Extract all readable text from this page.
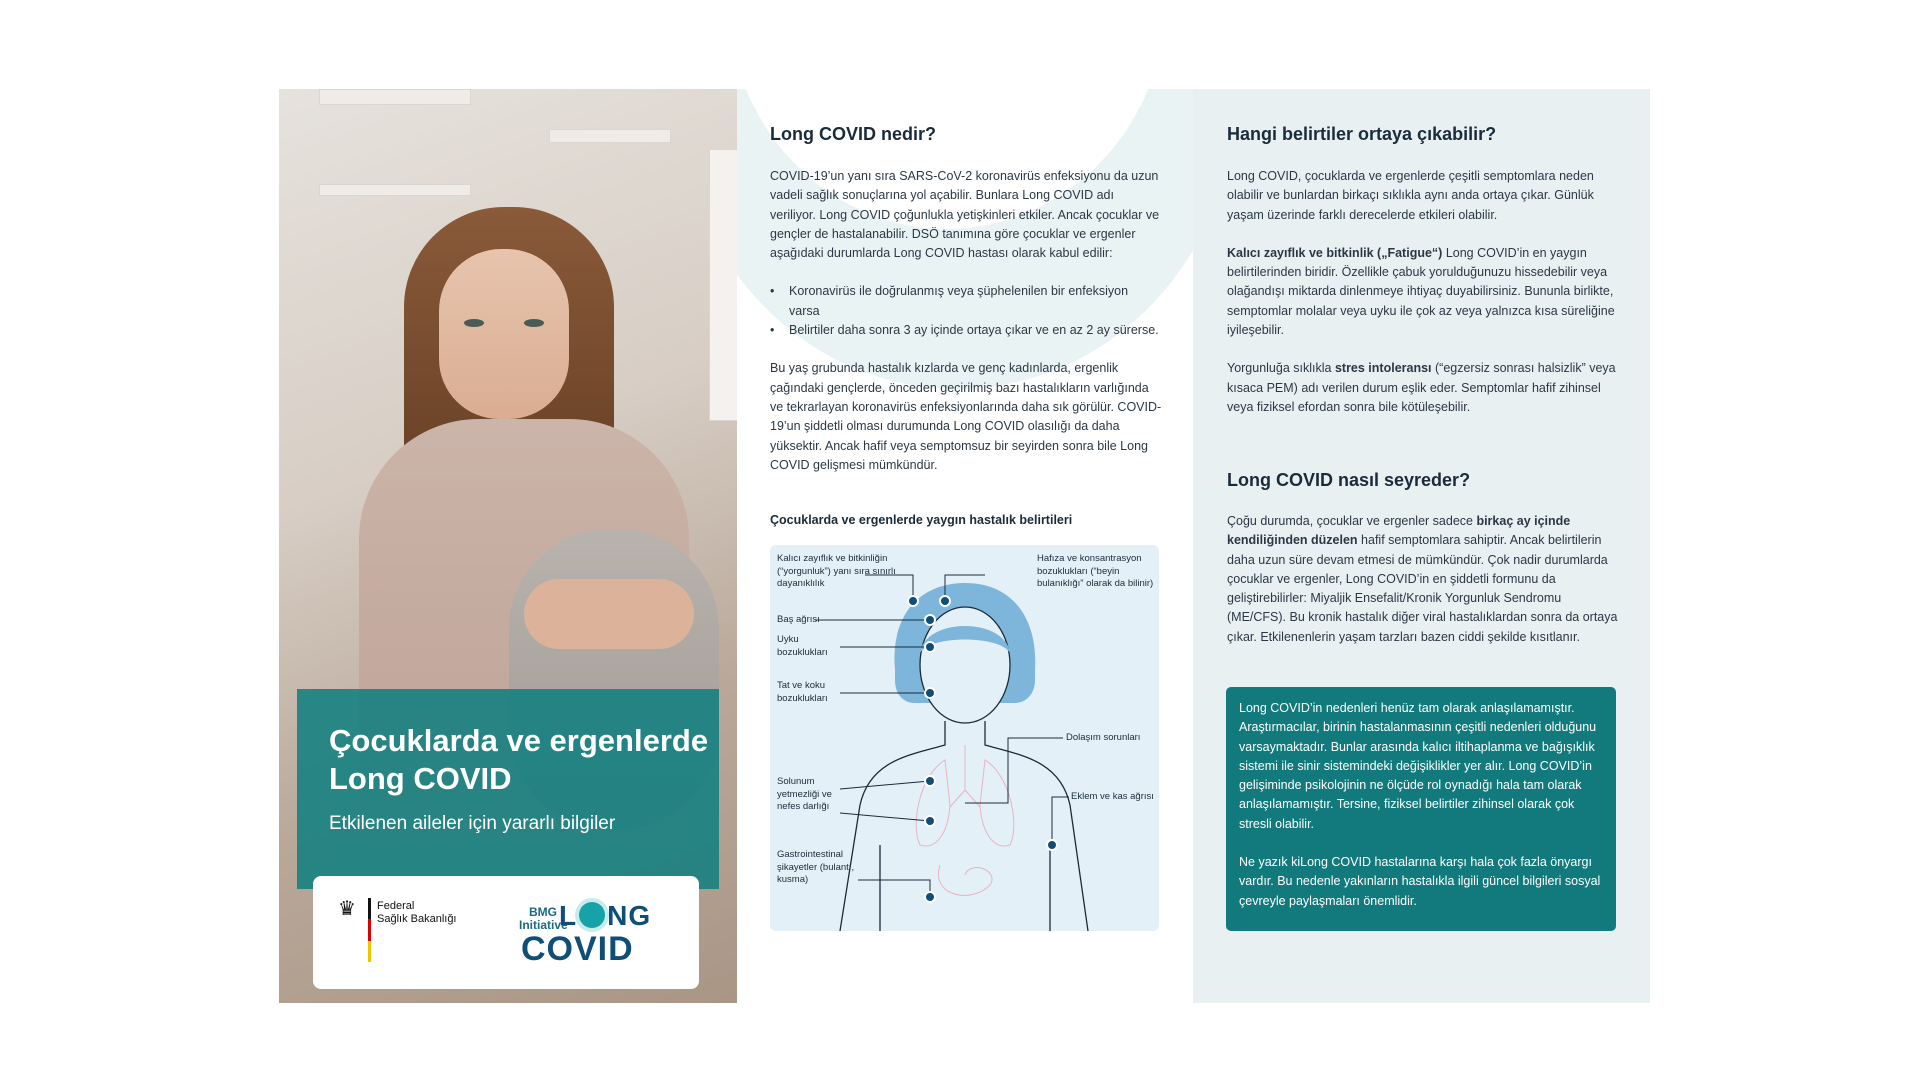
Çocuklarda ve ergenlerde Long COVID
Etkilenen aileler için yararlı bilgiler
♛	Federal
Sağlık Bakanlığı	BMG
Initiative
L NG
COVID
Long COVID nedir?

COVID-19’un yanı sıra SARS-CoV-2 koronavirüs enfeksiyonu da uzun vadeli sağlık sonuçlarına yol açabilir. Bunlara Long COVID adı veriliyor. Long COVID çoğunlukla yetişkinleri etkiler. Ancak çocuklar ve gençler de hastalanabilir. DSÖ tanımına göre çocuklar ve ergenler aşağıdaki durumlarda Long COVID hastası olarak kabul edilir:

• Koronavirüs ile doğrulanmış veya şüphelenilen bir enfeksiyon varsa
• Belirtiler daha sonra 3 ay içinde ortaya çıkar ve en az 2 ay sürerse.

Bu yaş grubunda hastalık kızlarda ve genç kadınlarda, ergenlik çağındaki gençlerde, önceden geçirilmiş bazı hastalıkların varlığında ve tekrarlayan koronavirüs enfeksiyonlarında daha sık görülür. COVID-19’un şiddetli olması durumunda Long COVID olasılığı da daha yüksektir. Ancak hafif veya semptomsuz bir seyirden sonra bile Long COVID gelişmesi mümkündür.

Çocuklarda ve ergenlerde yaygın hastalık belirtileri
Kalıcı zayıflık ve bitkinliğin (“yorgunluk”) yanı sıra sınırlı dayanıklılık
Hafıza ve konsantrasyon bozuklukları (“beyin bulanıklığı” olarak da bilinir)
Baş ağrısı
Uyku bozuklukları
Tat ve koku bozuklukları
Dolaşım sorunları
Solunum yetmezliği ve nefes darlığı
Eklem ve kas ağrısı
Gastrointestinal şikayetler (bulantı, kusma)
Hangi belirtiler ortaya çıkabilir?

Long COVID, çocuklarda ve ergenlerde çeşitli semptomlara neden olabilir ve bunlardan birkaçı sıklıkla aynı anda ortaya çıkar. Günlük yaşam üzerinde farklı derecelerde etkileri olabilir.

Kalıcı zayıflık ve bitkinlik („Fatigue“) Long COVID’in en yaygın belirtilerinden biridir. Özellikle çabuk yorulduğunuzu hissedebilir veya olağandışı miktarda dinlenmeye ihtiyaç duyabilirsiniz. Bununla birlikte, semptomlar molalar veya uyku ile çok az veya yalnızca kısa süreliğine iyileşebilir.

Yorgunluğa sıklıkla stres intoleransı (“egzersiz sonrası halsizlik” veya kısaca PEM) adı verilen durum eşlik eder. Semptomlar hafif zihinsel veya fiziksel efordan sonra bile kötüleşebilir.

Long COVID nasıl seyreder?

Çoğu durumda, çocuklar ve ergenler sadece birkaç ay içinde kendiliğinden düzelen hafif semptomlara sahiptir. Ancak belirtilerin daha uzun süre devam etmesi de mümkündür. Çok nadir durumlarda çocuklar ve ergenler, Long COVID’in en şiddetli formunu da geliştirebilirler: Miyaljik Ensefalit/Kronik Yorgunluk Sendromu (ME/CFS). Bu kronik hastalık diğer viral hastalıklardan sonra da ortaya çıkar. Etkilenenlerin yaşam tarzları bazen ciddi şekilde kısıtlanır.

Long COVID’in nedenleri henüz tam olarak anlaşılamamıştır. Araştırmacılar, birinin hastalanmasının çeşitli nedenleri olduğunu varsaymaktadır. Bunlar arasında kalıcı iltihaplanma ve bağışıklık sistemi ile sinir sistemindeki değişiklikler yer alır. Long COVID’in gelişiminde psikolojinin ne ölçüde rol oynadığı hala tam olarak anlaşılamamıştır. Tersine, fiziksel belirtiler zihinsel olarak çok stresli olabilir.

Ne yazık kiLong COVID hastalarına karşı hala çok fazla önyargı vardır. Bu nedenle yakınların hastalıkla ilgili güncel bilgileri sosyal çevreyle paylaşmaları önemlidir.
